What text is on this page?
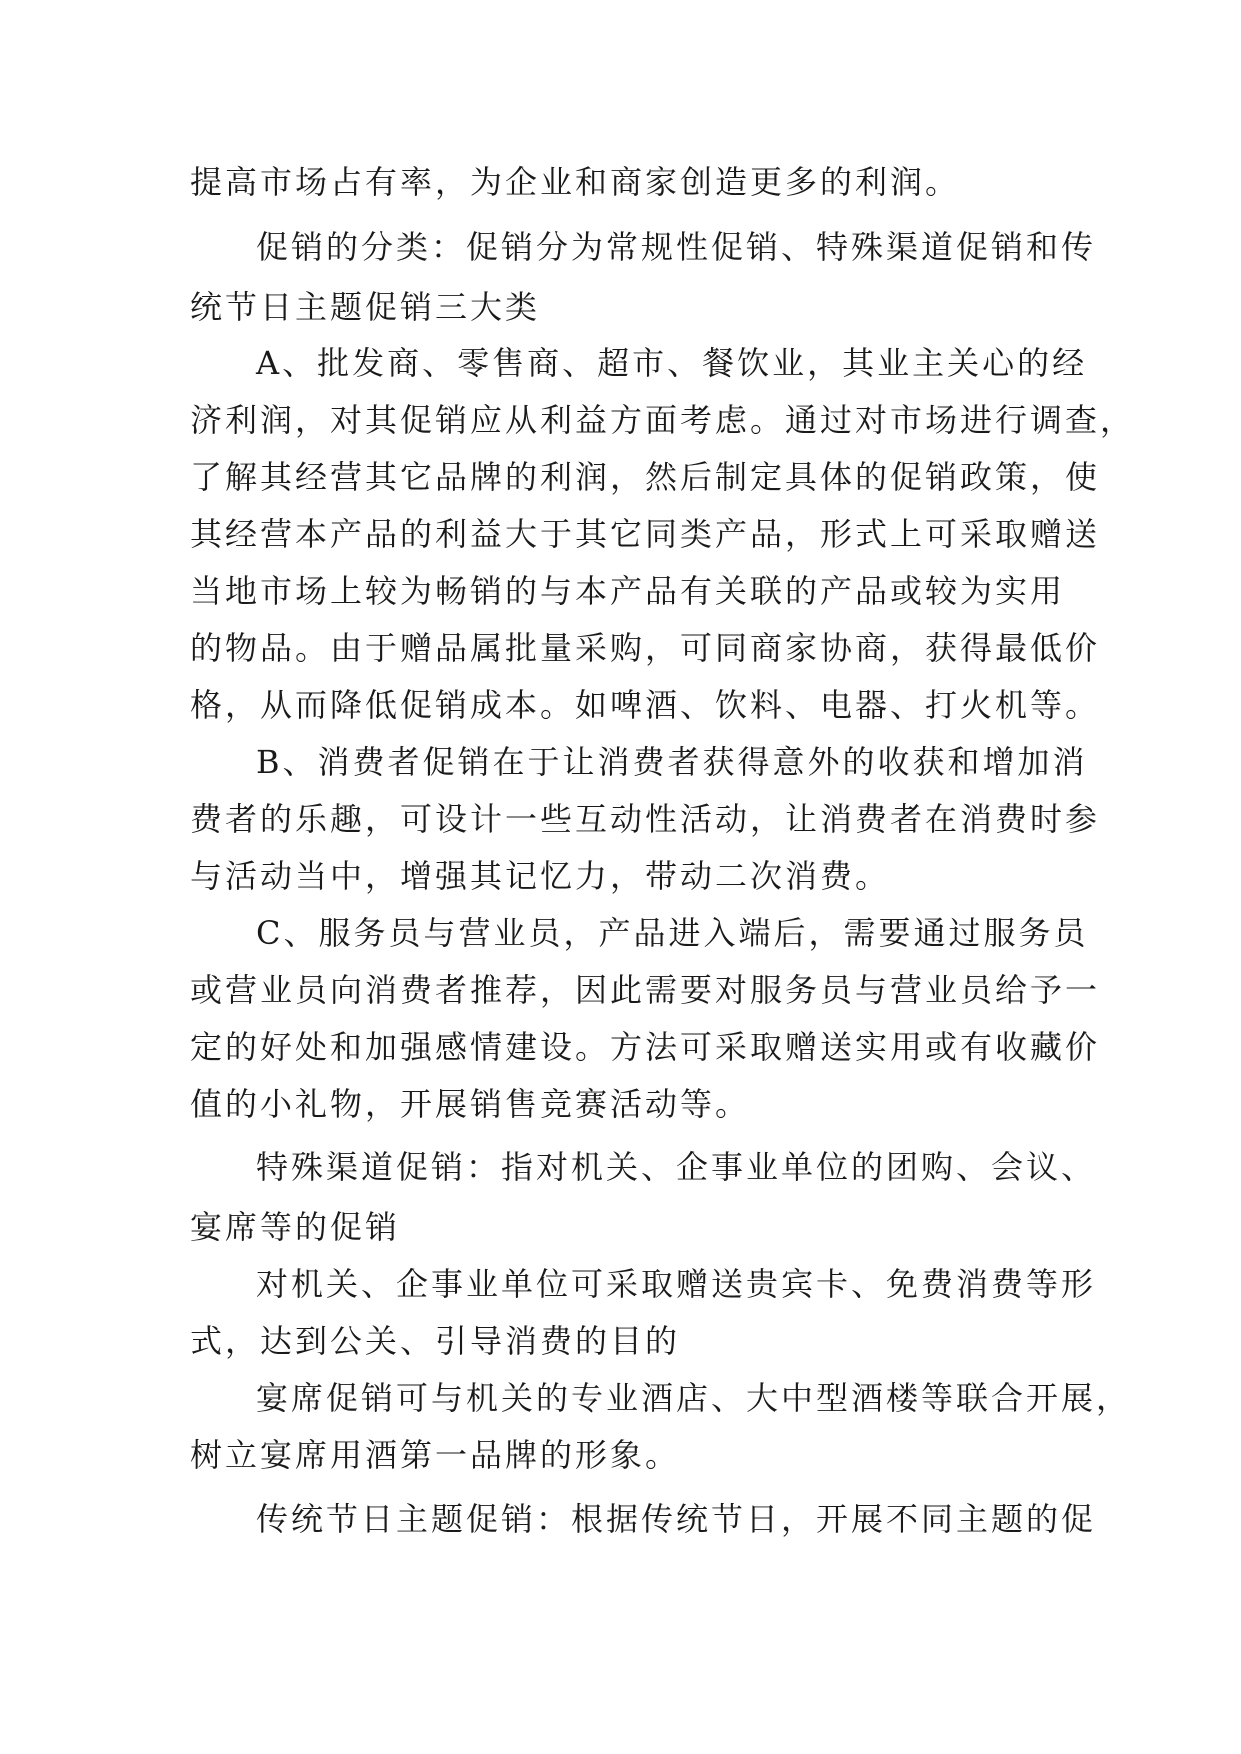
提高市场占有率，为企业和商家创造更多的利润。
促销的分类：促销分为常规性促销、特殊渠道促销和传
统节日主题促销三大类
A、批发商、零售商、超市、餐饮业，其业主关心的经
济利润，对其促销应从利益方面考虑。通过对市场进行调查，
了解其经营其它品牌的利润，然后制定具体的促销政策，使
其经营本产品的利益大于其它同类产品，形式上可采取赠送
当地市场上较为畅销的与本产品有关联的产品或较为实用
的物品。由于赠品属批量采购，可同商家协商，获得最低价
格，从而降低促销成本。如啤酒、饮料、电器、打火机等。
B、消费者促销在于让消费者获得意外的收获和增加消
费者的乐趣，可设计一些互动性活动，让消费者在消费时参
与活动当中，增强其记忆力，带动二次消费。
C、服务员与营业员，产品进入端后，需要通过服务员
或营业员向消费者推荐，因此需要对服务员与营业员给予一
定的好处和加强感情建设。方法可采取赠送实用或有收藏价
值的小礼物，开展销售竞赛活动等。
特殊渠道促销：指对机关、企事业单位的团购、会议、
宴席等的促销
对机关、企事业单位可采取赠送贵宾卡、免费消费等形
式，达到公关、引导消费的目的
宴席促销可与机关的专业酒店、大中型酒楼等联合开展，
树立宴席用酒第一品牌的形象。
传统节日主题促销：根据传统节日，开展不同主题的促
